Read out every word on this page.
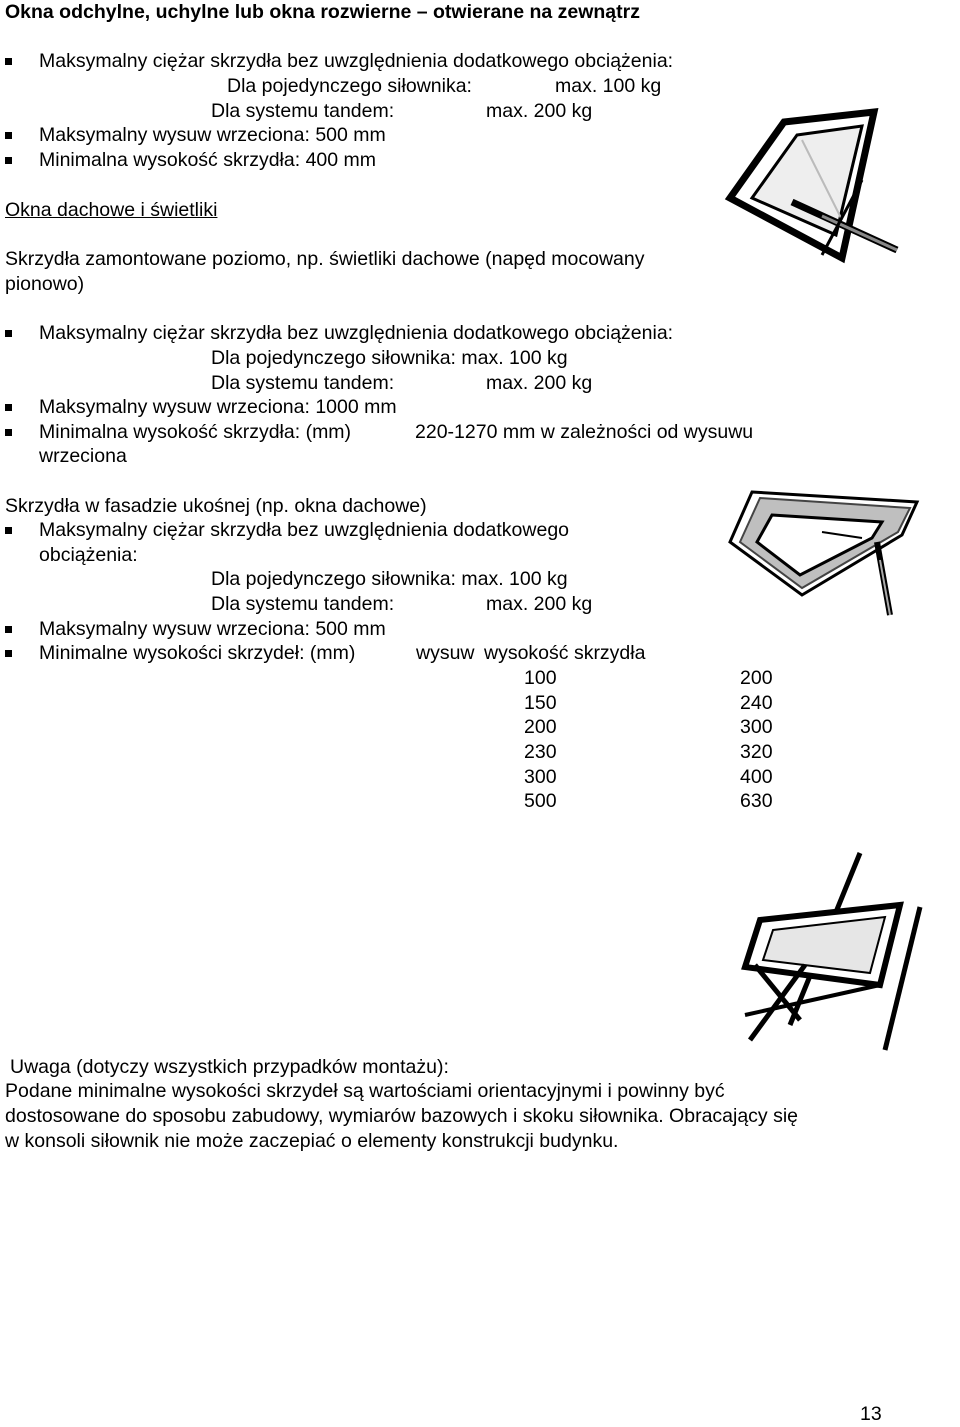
Okna odchylne, uchylne lub okna rozwierne – otwierane na zewnątrz
Maksymalny ciężar skrzydła bez uwzględnienia dodatkowego obciążenia:
Dla pojedynczego siłownika:	max. 100 kg
Dla systemu tandem:	max. 200 kg
Maksymalny wysuw wrzeciona: 500 mm
Minimalna wysokość skrzydła: 400 mm
Okna dachowe i świetliki
Skrzydła zamontowane poziomo, np. świetliki dachowe (napęd mocowany
pionowo)
Maksymalny ciężar skrzydła bez uwzględnienia dodatkowego obciążenia:
Dla pojedynczego siłownika: max. 100 kg
Dla systemu tandem:	max. 200 kg
Maksymalny wysuw wrzeciona: 1000 mm
Minimalna wysokość skrzydła: (mm)	220-1270 mm w zależności od wysuwu
wrzeciona
Skrzydła w fasadzie ukośnej (np. okna dachowe)
Maksymalny ciężar skrzydła bez uwzględnienia dodatkowego
obciążenia:
Dla pojedynczego siłownika: max. 100 kg
Dla systemu tandem:	max. 200 kg
Maksymalny wysuw wrzeciona: 500 mm
Minimalne wysokości skrzydeł: (mm)	wysuw wysokość skrzydła
100	200
150	240
200	300
230	320
300	400
500	630
Uwaga (dotyczy wszystkich przypadków montażu):
Podane minimalne wysokości skrzydeł są wartościami orientacyjnymi i powinny być
dostosowane do sposobu zabudowy, wymiarów bazowych i skoku siłownika. Obracający się
w konsoli siłownik nie może zaczepiać o elementy konstrukcji budynku.
13
